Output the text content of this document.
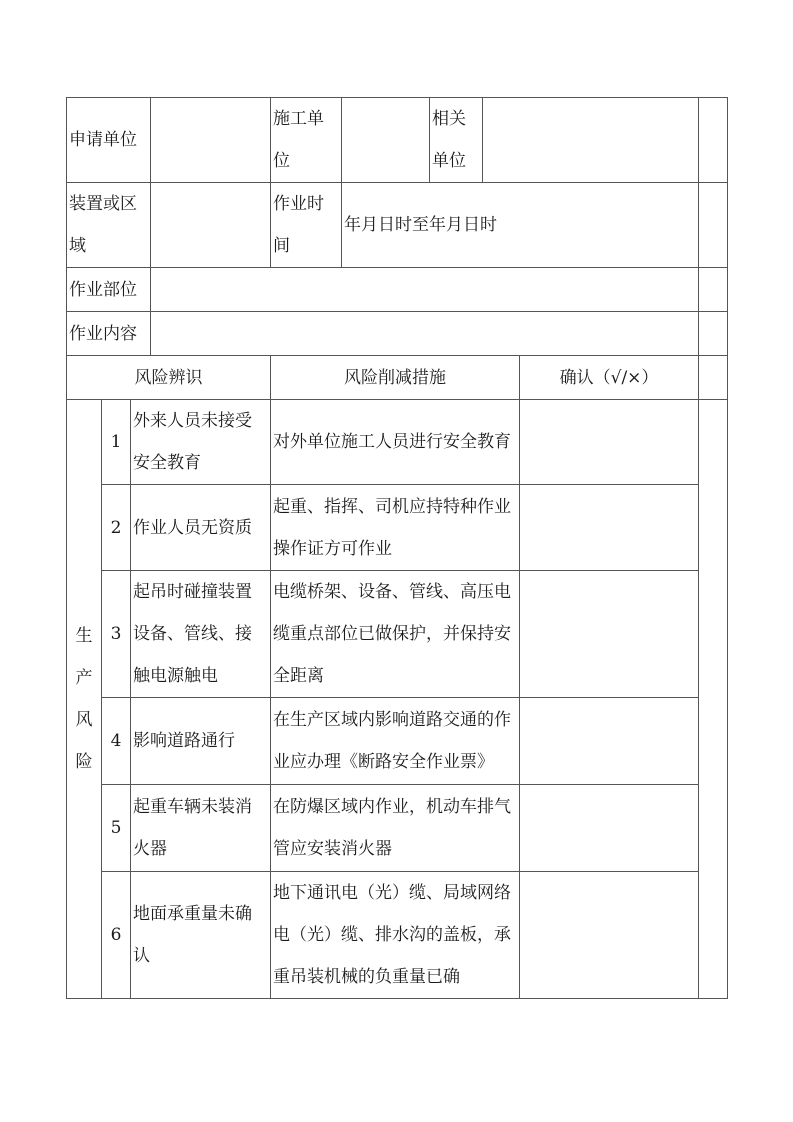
申请单位				施工单位		相关单位			
装置或区域				作业时间	年月日时至年月日时				
作业部位									
作业内容									
风险辨识				风险削减措施				确认（√/×）	

生
产
风
险	1	外来人员未接受安全教育		对外单位施工人员进行安全教育					
	2	作业人员无资质		起重、指挥、司机应持特种作业操作证方可作业					
	3	起吊时碰撞装置设备、管线、接触电源触电		电缆桥架、设备、管线、高压电缆重点部位已做保护，并保持安全距离					
	4	影响道路通行		在生产区域内影响道路交通的作业应办理《断路安全作业票》					
	5	起重车辆未装消火器		在防爆区域内作业，机动车排气管应安装消火器					
	6	地面承重量未确认		地下通讯电（光）缆、局域网络电（光）缆、排水沟的盖板，承重吊装机械的负重量已确					
